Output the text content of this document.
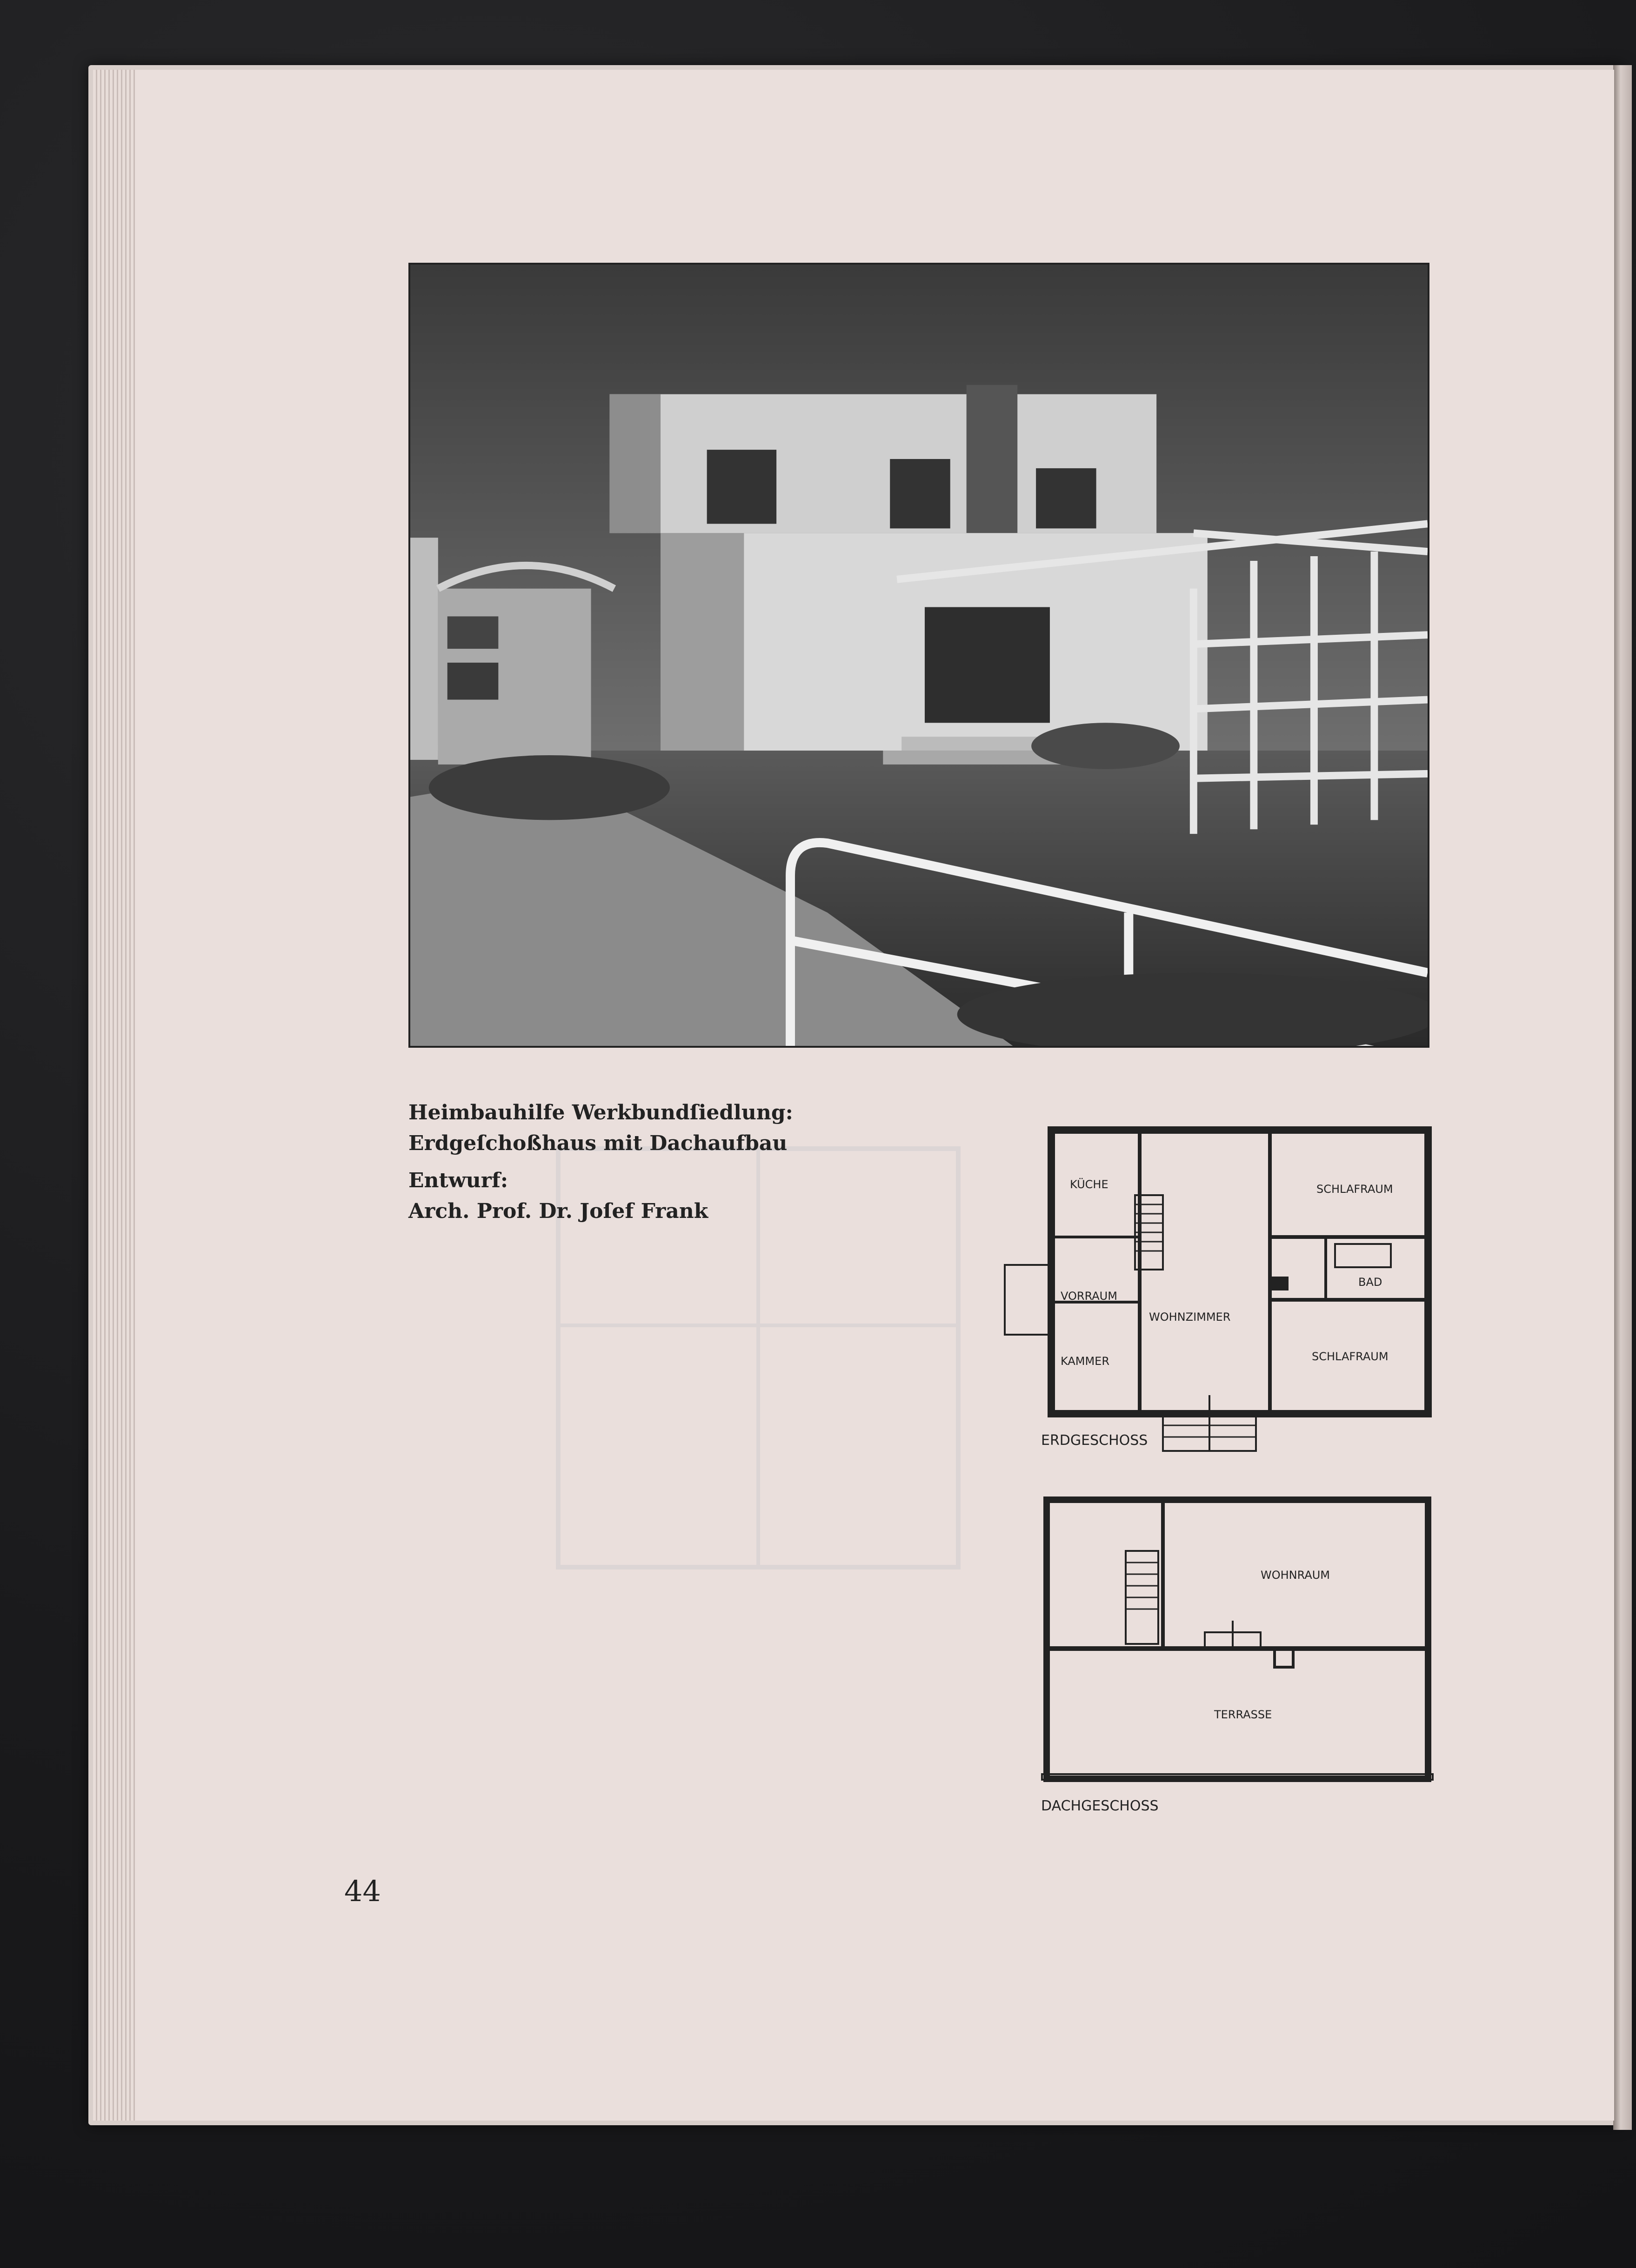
Heimbauhilfe Werkbundſiedlung:
Erdgeſchoßhaus mit Dachaufbau
Entwurf:
Arch. Prof. Dr. Joſef Frank
KÜCHE	SCHLAFRAUM
BAD
VORRAUM
WOHNZIMMER
KAMMER	SCHLAFRAUM
ERDGESCHOSS
WOHNRAUM
TERRASSE
DACHGESCHOSS
44
